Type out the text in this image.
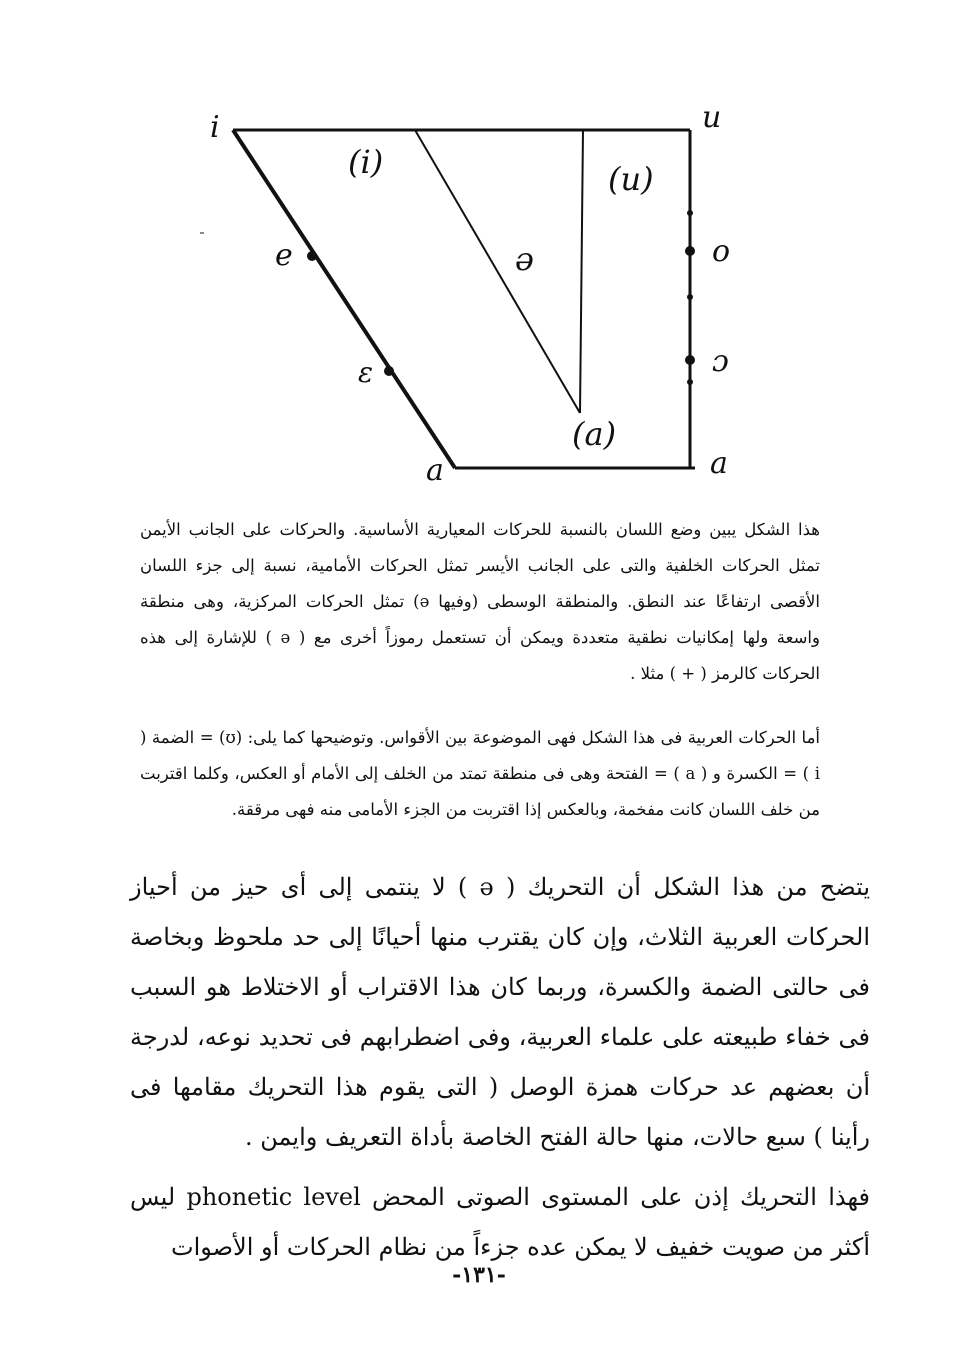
i	u
a	a
e
ε
o
ɔ
(i)	(u)
ə
(a)

هذا الشكل يبين وضع اللسان بالنسبة للحركات المعيارية الأساسية. والحركات على الجانب الأيمن تمثل الحركات الخلفية والتى على الجانب الأيسر تمثل الحركات الأمامية، نسبة إلى جزء اللسان الأقصى ارتفاعًا عند النطق. والمنطقة الوسطى (وفيها ə) تمثل الحركات المركزية، وهى منطقة واسعة ولها إمكانيات نطقية متعددة ويمكن أن تستعمل رموزاً أخرى مع ( ə ) للإشارة إلى هذه الحركات كالرمز ( + ) مثلا .

أما الحركات العربية فى هذا الشكل فهى الموضوعة بين الأقواس. وتوضيحها كما يلى: (ʊ) = الضمة ( i ) = الكسرة و ( a ) = الفتحة وهى فى منطقة تمتد من الخلف إلى الأمام أو العكس، وكلما اقتربت من خلف اللسان كانت مفخمة، وبالعكس إذا اقتربت من الجزء الأمامى منه فهى مرققة.

يتضح من هذا الشكل أن التحريك ( ə ) لا ينتمى إلى أى حيز من أحياز الحركات العربية الثلاث، وإن كان يقترب منها أحيانًا إلى حد ملحوظ وبخاصة فى حالتى الضمة والكسرة، وربما كان هذا الاقتراب أو الاختلاط هو السبب فى خفاء طبيعته على علماء العربية، وفى اضطرابهم فى تحديد نوعه، لدرجة أن بعضهم عد حركات همزة الوصل ( التى يقوم هذا التحريك مقامها فى رأينا ) سبع حالات، منها حالة الفتح الخاصة بأداة التعريف وايمن .

فهذا التحريك إذن على المستوى الصوتى المحض phonetic level ليس أكثر من صويت خفيف لا يمكن عده جزءاً من نظام الحركات أو الأصوات

-١٣١-
